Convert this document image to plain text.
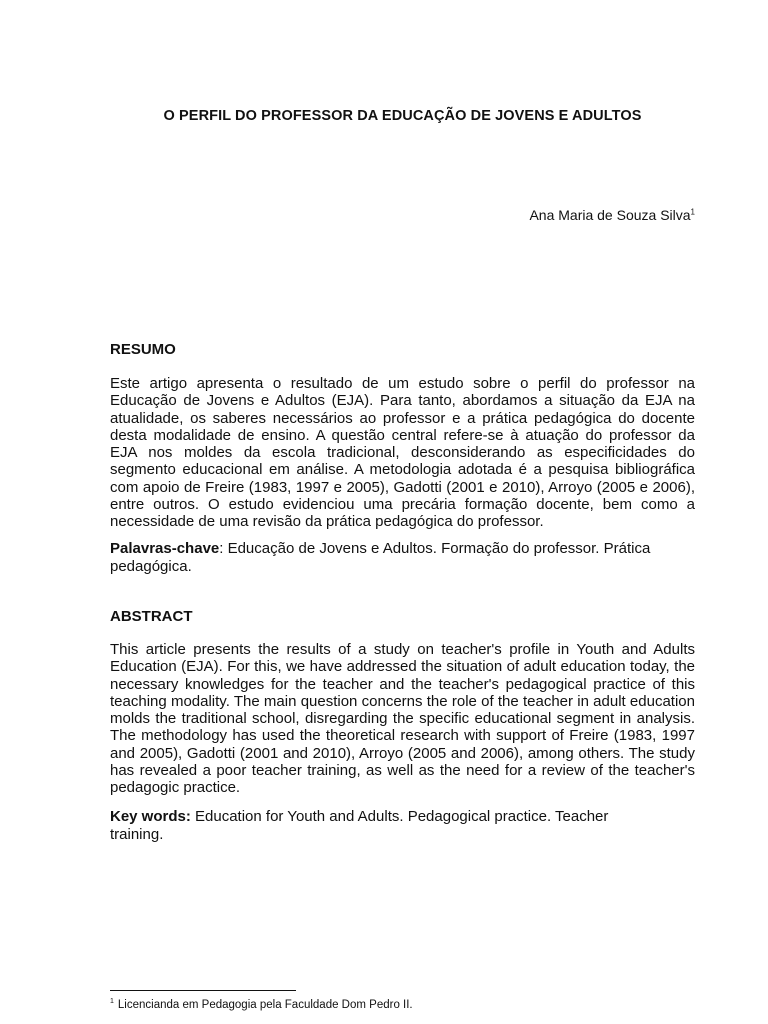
O PERFIL DO PROFESSOR DA EDUCAÇÃO DE JOVENS E ADULTOS
Ana Maria de Souza Silva$^1$
RESUMO
Este artigo apresenta o resultado de um estudo sobre o perfil do professor na Educação de Jovens e Adultos (EJA). Para tanto, abordamos a situação da EJA na atualidade, os saberes necessários ao professor e a prática pedagógica do docente desta modalidade de ensino. A questão central refere-se à atuação do professor da EJA nos moldes da escola tradicional, desconsiderando as especificidades do segmento educacional em análise. A metodologia adotada é a pesquisa bibliográfica com apoio de Freire (1983, 1997 e 2005), Gadotti (2001 e 2010), Arroyo (2005 e 2006), entre outros. O estudo evidenciou uma precária formação docente, bem como a necessidade de uma revisão da prática pedagógica do professor.
Palavras-chave: Educação de Jovens e Adultos. Formação do professor. Prática pedagógica.
ABSTRACT
This article presents the results of a study on teacher's profile in Youth and Adults Education (EJA). For this, we have addressed the situation of adult education today, the necessary knowledges for the teacher and the teacher's pedagogical practice of this teaching modality. The main question concerns the role of the teacher in adult education molds the traditional school, disregarding the specific educational segment in analysis. The methodology has used the theoretical research with support of Freire (1983, 1997 and 2005), Gadotti (2001 and 2010), Arroyo (2005 and 2006), among others. The study has revealed a poor teacher training, as well as the need for a review of the teacher's pedagogic practice.
Key words: Education for Youth and Adults. Pedagogical practice. Teacher training.
$^1$ Licencianda em Pedagogia pela Faculdade Dom Pedro II.
